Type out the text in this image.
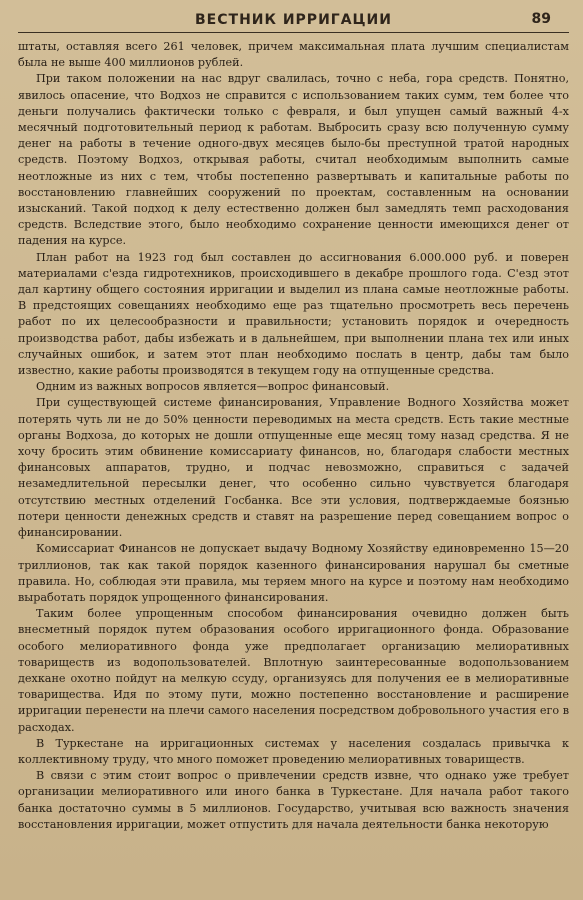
ВЕСТНИК ИРРИГАЦИИ	89

штаты, оставляя всего 261 человек, причем максимальная плата лучшим специалистам была не выше 400 миллионов рублей.

При таком положении на нас вдруг свалилась, точно с неба, гора средств. Понятно, явилось опасение, что Водхоз не справится с использованием таких сумм, тем более что деньги получались фактически только с февраля, и был упущен самый важный 4-х месячный подготовительный период к работам. Выбросить сразу всю полученную сумму денег на работы в течение одного-двух месяцев было-бы преступной тратой народных средств. Поэтому Водхоз, открывая работы, считал необходимым выполнить самые неотложные из них с тем, чтобы постепенно развертывать и капитальные работы по восстановлению главнейших сооружений по проектам, составленным на основании изысканий. Такой подход к делу естественно должен был замедлять темп расходования средств. Вследствие этого, было необходимо сохранение ценности имеющихся денег от падения на курсе.

План работ на 1923 год был составлен до ассигнования 6.000.000 руб. и поверен материалами с'езда гидротехников, происходившего в декабре прошлого года. С'езд этот дал картину общего состояния ирригации и выделил из плана самые неотложные работы. В предстоящих совещаниях необходимо еще раз тщательно просмотреть весь перечень работ по их целесообразности и правильности; установить порядок и очередность производства работ, дабы избежать и в дальнейшем, при выполнении плана тех или иных случайных ошибок, и затем этот план необходимо послать в центр, дабы там было известно, какие работы производятся в текущем году на отпущенные средства.

Одним из важных вопросов является—вопрос финансовый.

При существующей системе финансирования, Управление Водного Хозяйства может потерять чуть ли не до 50% ценности переводимых на места средств. Есть такие местные органы Водхоза, до которых не дошли отпущенные еще месяц тому назад средства. Я не хочу бросить этим обвинение комиссариату финансов, но, благодаря слабости местных финансовых аппаратов, трудно, и подчас невозможно, справиться с задачей незамедлительной пересылки денег, что особенно сильно чувствуется благодаря отсутствию местных отделений Госбанка. Все эти условия, подтверждаемые боязнью потери ценности денежных средств и ставят на разрешение перед совещанием вопрос о финансировании.

Комиссариат Финансов не допускает выдачу Водному Хозяйству единовременно 15—20 триллионов, так как такой порядок казенного финансирования нарушал бы сметные правила. Но, соблюдая эти правила, мы теряем много на курсе и поэтому нам необходимо выработать порядок упрощенного финансирования.

Таким более упрощенным способом финансирования очевидно должен быть внесметный порядок путем образования особого ирригационного фонда. Образование особого мелиоративного фонда уже предполагает организацию мелиоративных товариществ из водопользователей. Вплотную заинтересованные водопользованием дехкане охотно пойдут на мелкую ссуду, организуясь для получения ее в мелиоративные товарищества. Идя по этому пути, можно постепенно восстановление и расширение ирригации перенести на плечи самого населения посредством добровольного участия его в расходах.

В Туркестане на ирригационных системах у населения создалась привычка к коллективному труду, что много поможет проведению мелиоративных товариществ.

В связи с этим стоит вопрос о привлечении средств извне, что однако уже требует организации мелиоративного или иного банка в Туркестане. Для начала работ такого банка достаточно суммы в 5 миллионов. Государство, учитывая всю важность значения восстановления ирригации, может отпустить для начала деятельности банка некоторую
